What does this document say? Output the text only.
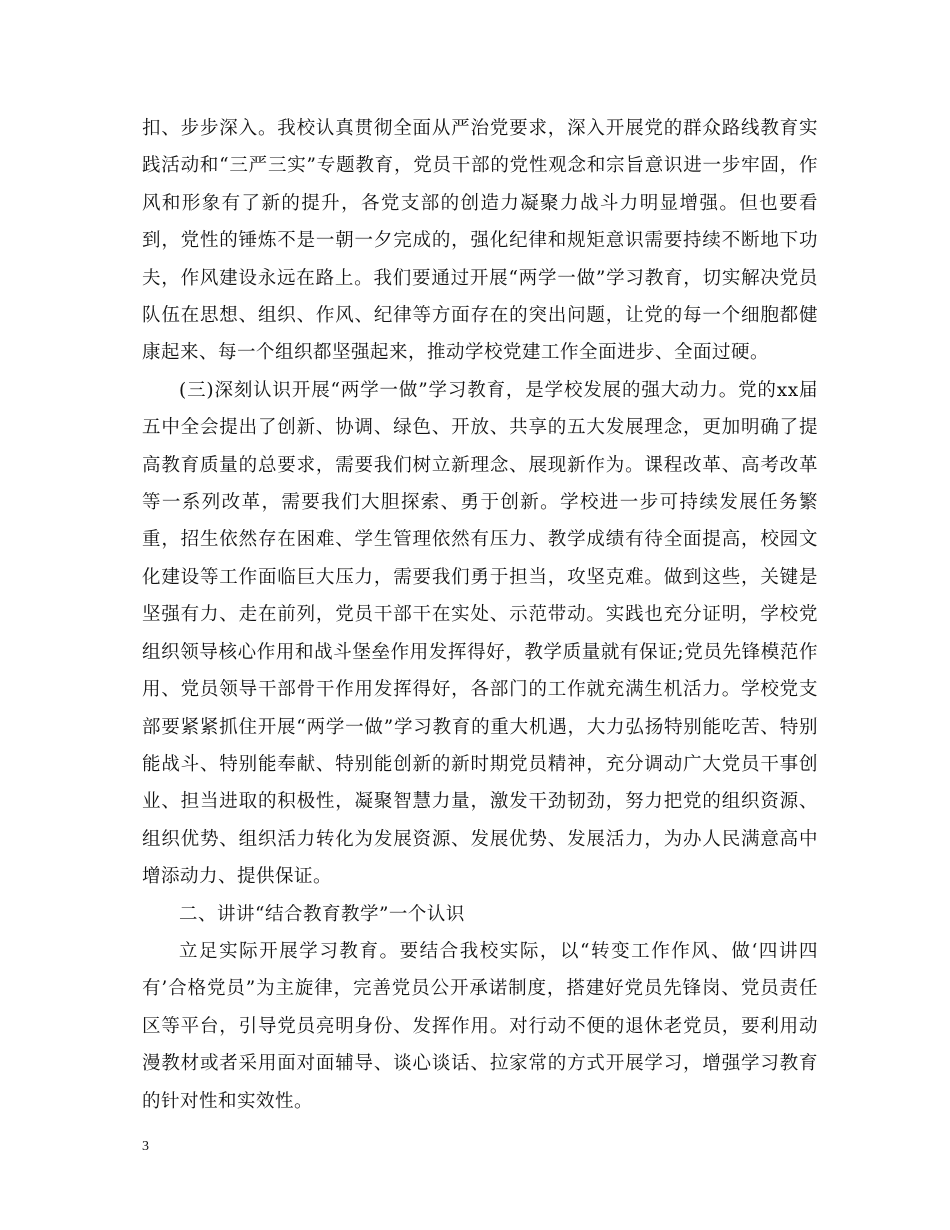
扣、步步深入。我校认真贯彻全面从严治党要求，深入开展党的群众路线教育实践活动和“三严三实”专题教育，党员干部的党性观念和宗旨意识进一步牢固，作风和形象有了新的提升，各党支部的创造力凝聚力战斗力明显增强。但也要看到，党性的锤炼不是一朝一夕完成的，强化纪律和规矩意识需要持续不断地下功夫，作风建设永远在路上。我们要通过开展“两学一做”学习教育，切实解决党员队伍在思想、组织、作风、纪律等方面存在的突出问题，让党的每一个细胞都健康起来、每一个组织都坚强起来，推动学校党建工作全面进步、全面过硬。

(三)深刻认识开展“两学一做”学习教育，是学校发展的强大动力。党的xx届五中全会提出了创新、协调、绿色、开放、共享的五大发展理念，更加明确了提高教育质量的总要求，需要我们树立新理念、展现新作为。课程改革、高考改革等一系列改革，需要我们大胆探索、勇于创新。学校进一步可持续发展任务繁重，招生依然存在困难、学生管理依然有压力、教学成绩有待全面提高，校园文化建设等工作面临巨大压力，需要我们勇于担当，攻坚克难。做到这些，关键是坚强有力、走在前列，党员干部干在实处、示范带动。实践也充分证明，学校党组织领导核心作用和战斗堡垒作用发挥得好，教学质量就有保证;党员先锋模范作用、党员领导干部骨干作用发挥得好，各部门的工作就充满生机活力。学校党支部要紧紧抓住开展“两学一做”学习教育的重大机遇，大力弘扬特别能吃苦、特别能战斗、特别能奉献、特别能创新的新时期党员精神，充分调动广大党员干事创业、担当进取的积极性，凝聚智慧力量，激发干劲韧劲，努力把党的组织资源、组织优势、组织活力转化为发展资源、发展优势、发展活力，为办人民满意高中增添动力、提供保证。

二、讲讲“结合教育教学”一个认识

立足实际开展学习教育。要结合我校实际，以“转变工作作风、做‘四讲四有’合格党员”为主旋律，完善党员公开承诺制度，搭建好党员先锋岗、党员责任区等平台，引导党员亮明身份、发挥作用。对行动不便的退休老党员，要利用动漫教材或者采用面对面辅导、谈心谈话、拉家常的方式开展学习，增强学习教育的针对性和实效性。

3
